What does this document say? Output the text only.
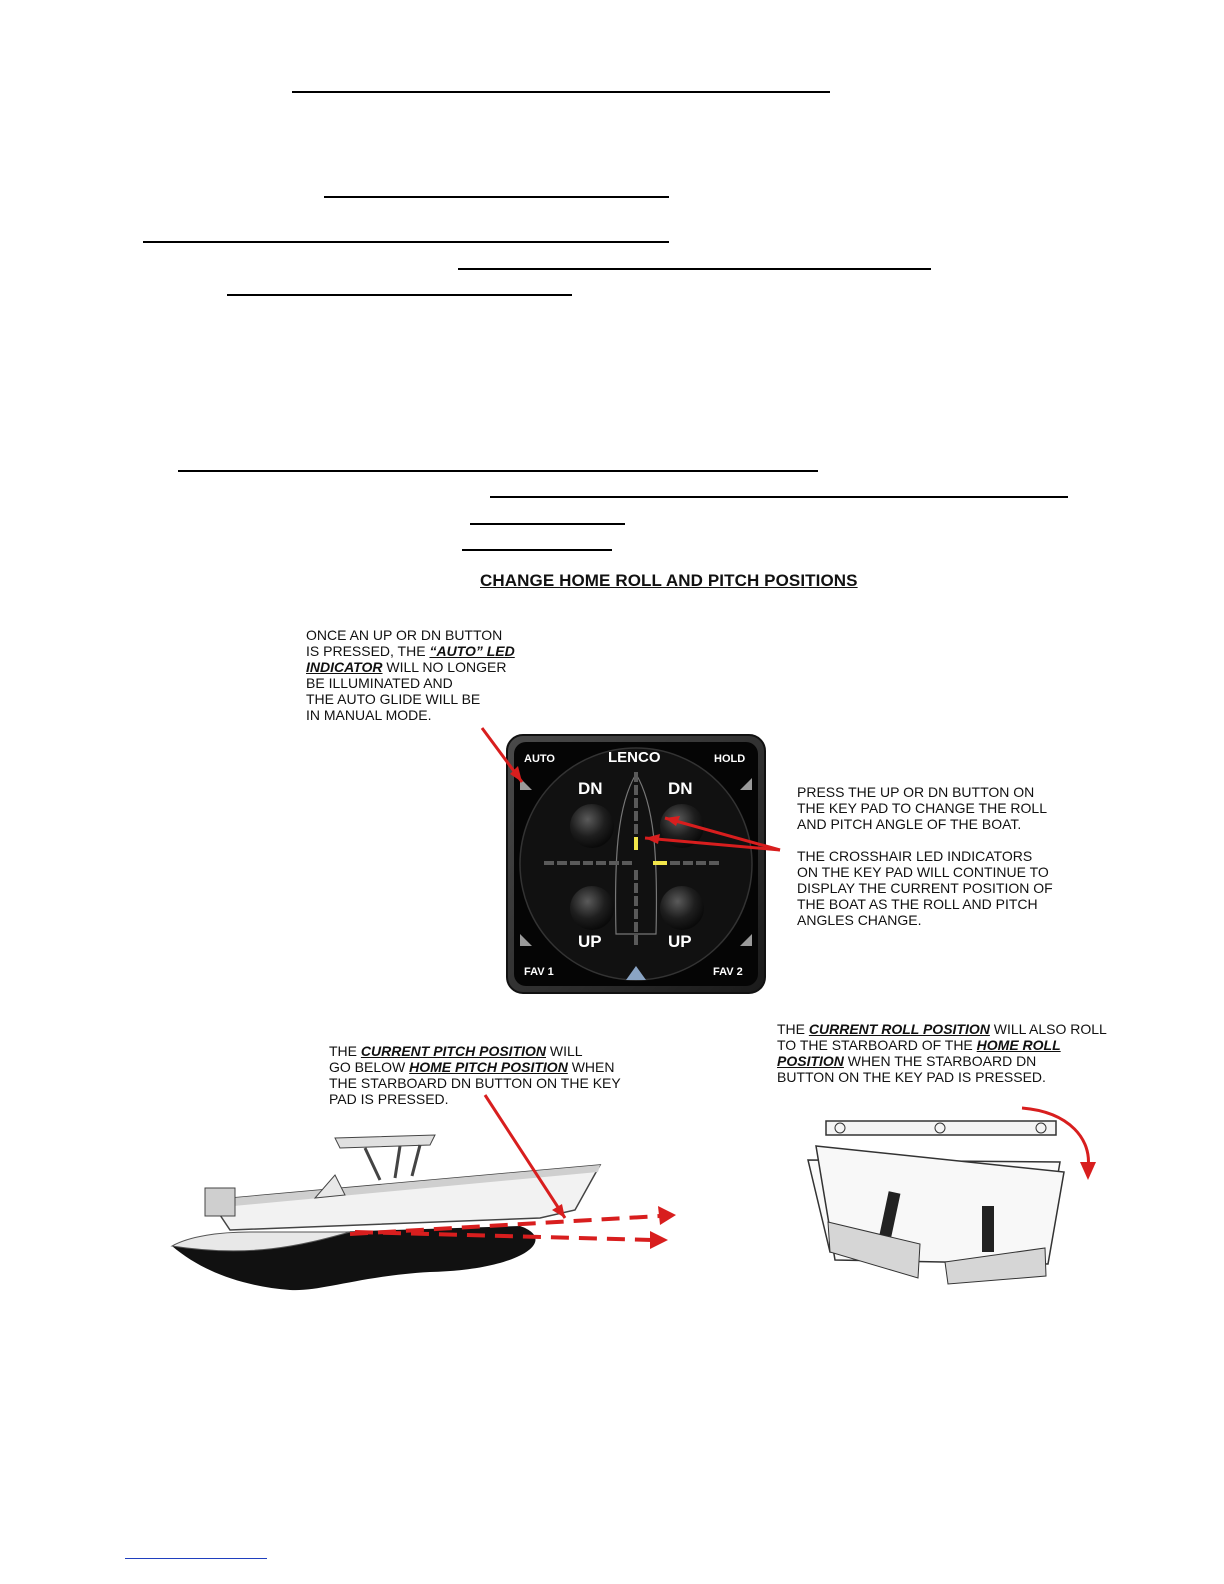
CHANGE HOME ROLL AND PITCH POSITIONS

ONCE AN UP OR DN BUTTON

IS PRESSED, THE “AUTO” LED

INDICATOR WILL NO LONGER

BE ILLUMINATED AND

THE AUTO GLIDE WILL BE

IN MANUAL MODE.

PRESS THE UP OR DN BUTTON ON

THE KEY PAD TO CHANGE THE ROLL

AND PITCH ANGLE OF THE BOAT.

THE CROSSHAIR LED INDICATORS

ON THE KEY PAD WILL CONTINUE TO

DISPLAY THE CURRENT POSITION OF

THE BOAT AS THE ROLL AND PITCH

ANGLES CHANGE.

THE CURRENT PITCH POSITION WILL

GO BELOW HOME PITCH POSITION WHEN

THE STARBOARD DN BUTTON ON THE KEY

PAD IS PRESSED.

THE CURRENT ROLL POSITION WILL ALSO ROLL

TO THE STARBOARD OF THE HOME ROLL

POSITION WHEN THE STARBOARD DN

BUTTON ON THE KEY PAD IS PRESSED.

AUTO	HOLD
FAV 1	FAV 2
LENCO
DN	DN
UP	UP
